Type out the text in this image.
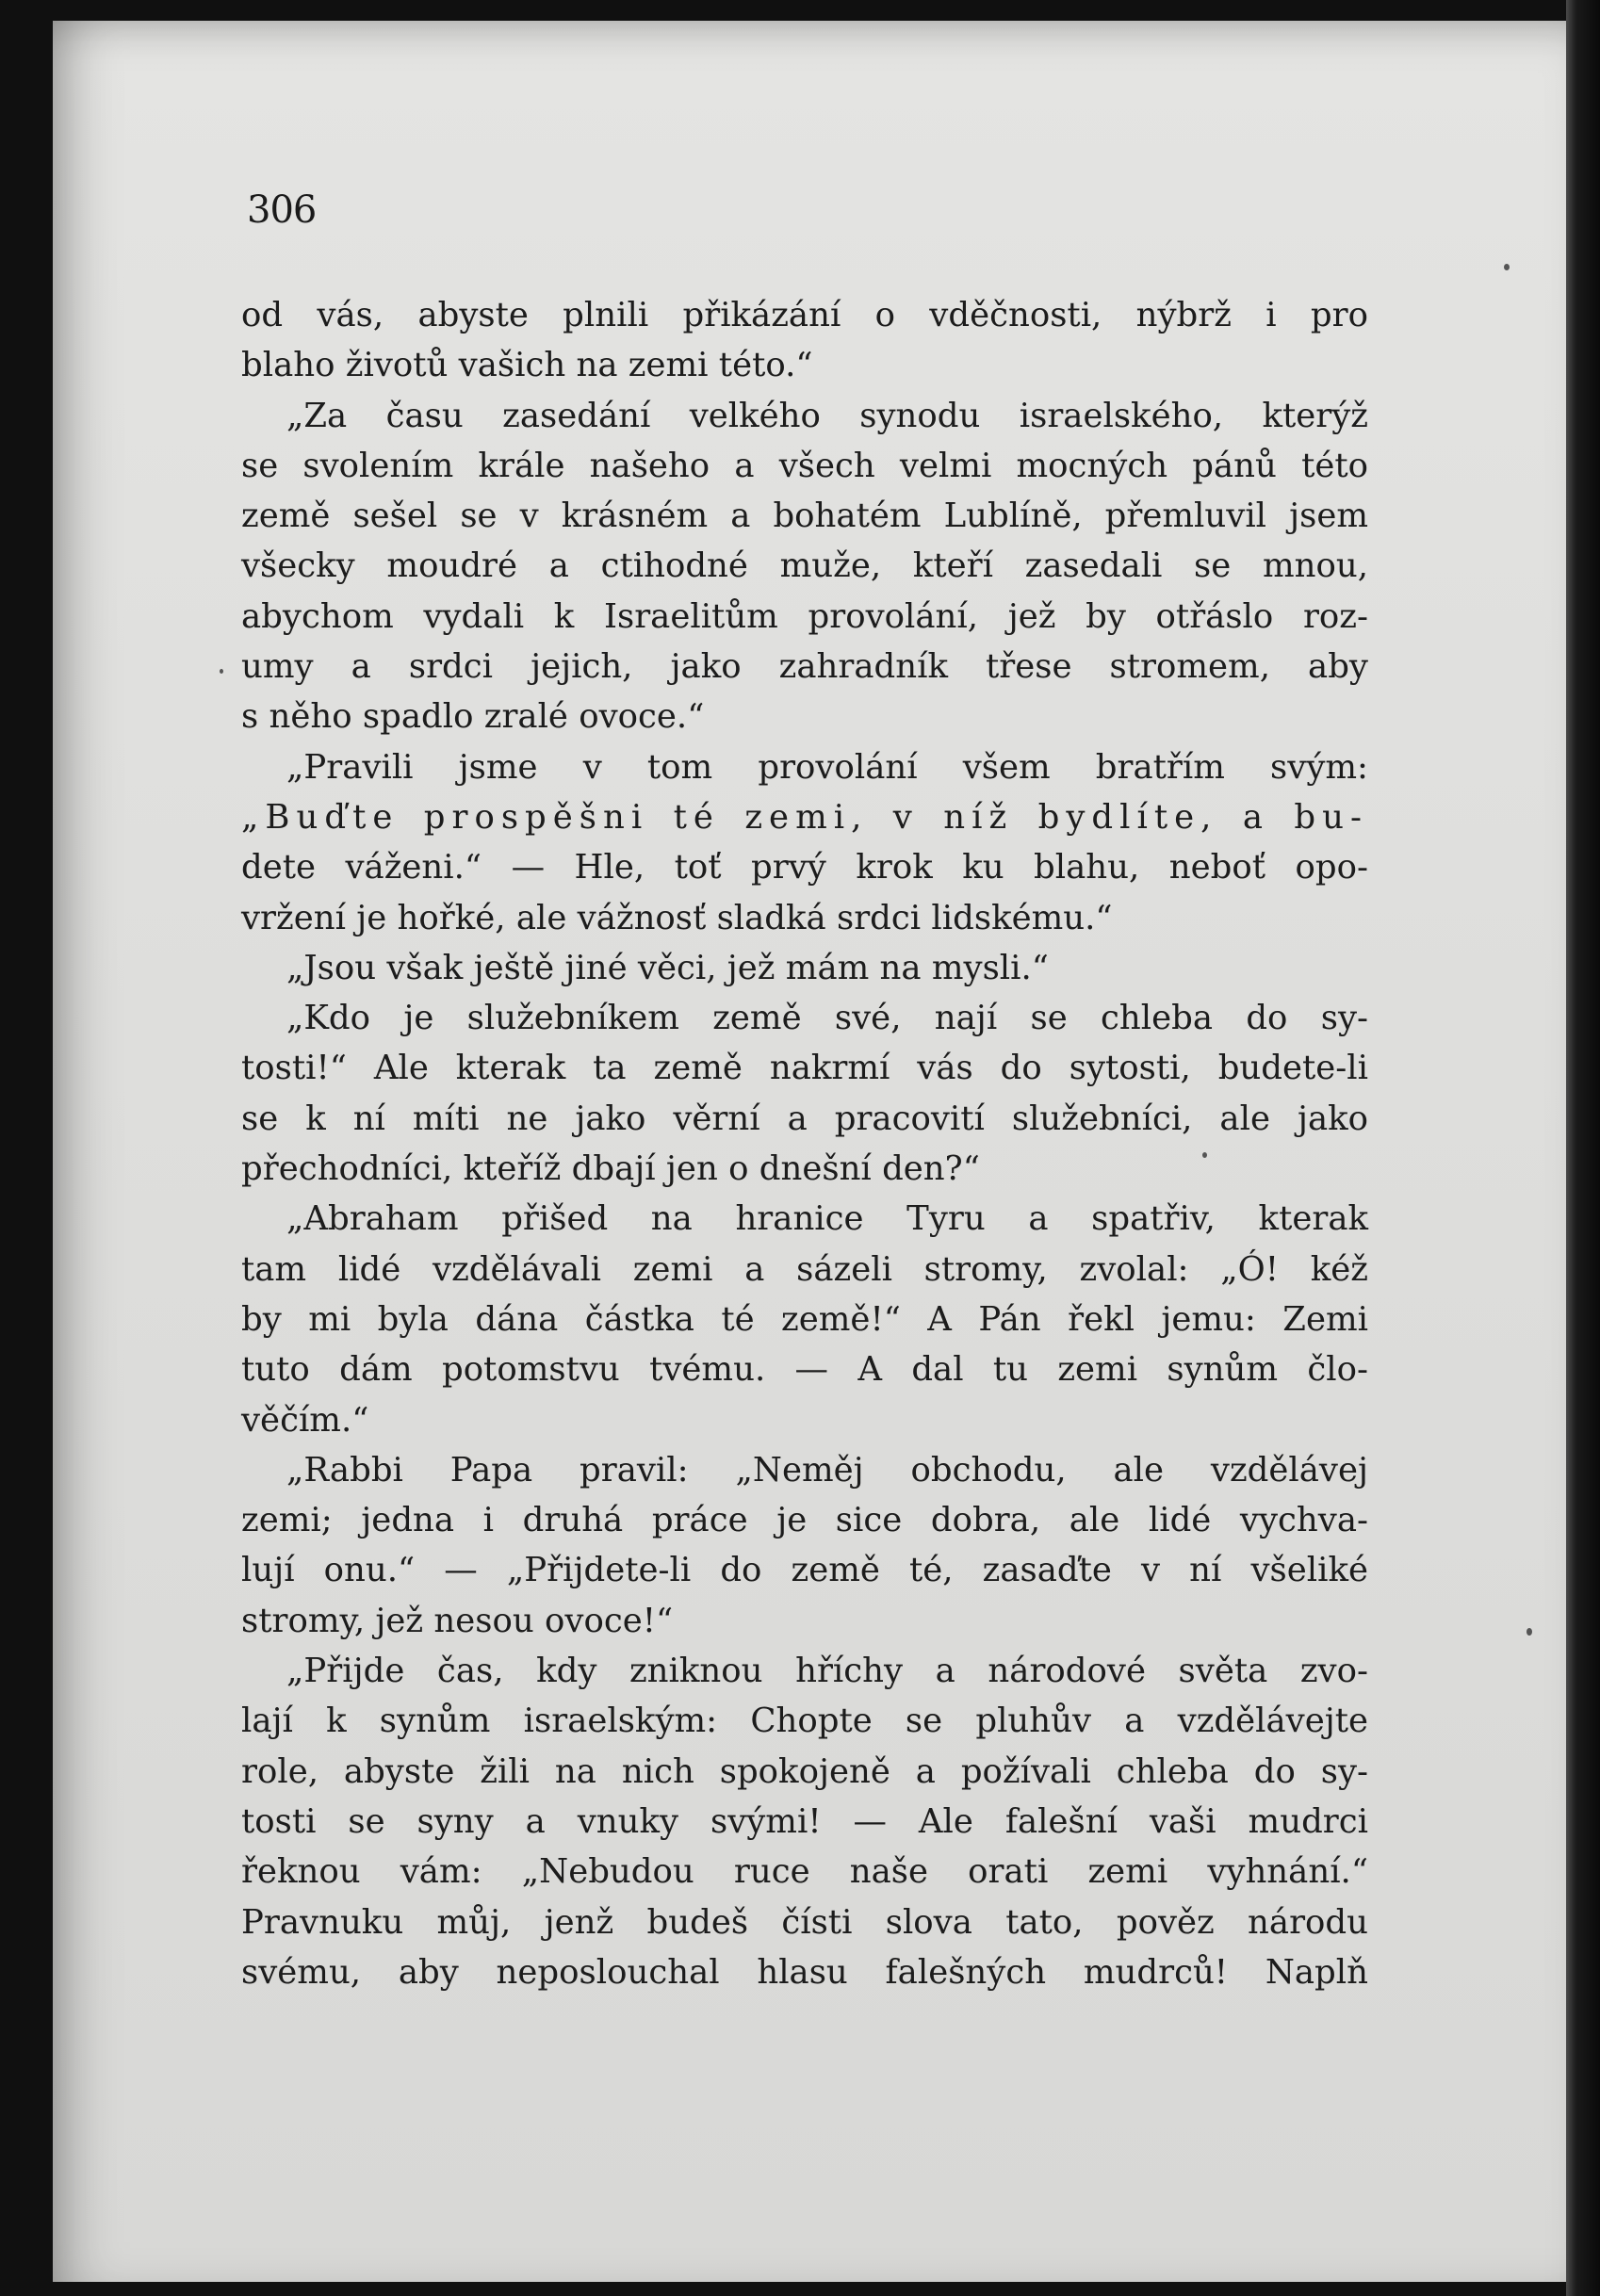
306
od vás, abyste plnili přikázání o vděčnosti, nýbrž i pro
blaho životů vašich na zemi této.“
„Za času zasedání velkého synodu israelského, kterýž
se svolením krále našeho a všech velmi mocných pánů této
země sešel se v krásném a bohatém Lublíně, přemluvil jsem
všecky moudré a ctihodné muže, kteří zasedali se mnou,
abychom vydali k Israelitům provolání, jež by otřáslo roz-
umy a srdci jejich, jako zahradník třese stromem, aby
s něho spadlo zralé ovoce.“
„Pravili jsme v tom provolání všem bratřím svým:
„Buďte prospěšni té zemi, v níž bydlíte, a bu-
dete váženi.“ — Hle, toť prvý krok ku blahu, neboť opo-
vržení je hořké, ale vážnosť sladká srdci lidskému.“
„Jsou však ještě jiné věci, jež mám na mysli.“
„Kdo je služebníkem země své, nají se chleba do sy-
tosti!“ Ale kterak ta země nakrmí vás do sytosti, budete-li
se k ní míti ne jako věrní a pracovití služebníci, ale jako
přechodníci, kteříž dbají jen o dnešní den?“
„Abraham přišed na hranice Tyru a spatřiv, kterak
tam lidé vzdělávali zemi a sázeli stromy, zvolal: „Ó! kéž
by mi byla dána částka té země!“ A Pán řekl jemu: Zemi
tuto dám potomstvu tvému. — A dal tu zemi synům člo-
věčím.“
„Rabbi Papa pravil: „Neměj obchodu, ale vzdělávej
zemi; jedna i druhá práce je sice dobra, ale lidé vychva-
lují onu.“ — „Přijdete-li do země té, zasaďte v ní všeliké
stromy, jež nesou ovoce!“
„Přijde čas, kdy zniknou hříchy a národové světa zvo-
lají k synům israelským: Chopte se pluhův a vzdělávejte
role, abyste žili na nich spokojeně a požívali chleba do sy-
tosti se syny a vnuky svými! — Ale falešní vaši mudrci
řeknou vám: „Nebudou ruce naše orati zemi vyhnání.“
Pravnuku můj, jenž budeš čísti slova tato, pověz národu
svému, aby neposlouchal hlasu falešných mudrců! Naplň
